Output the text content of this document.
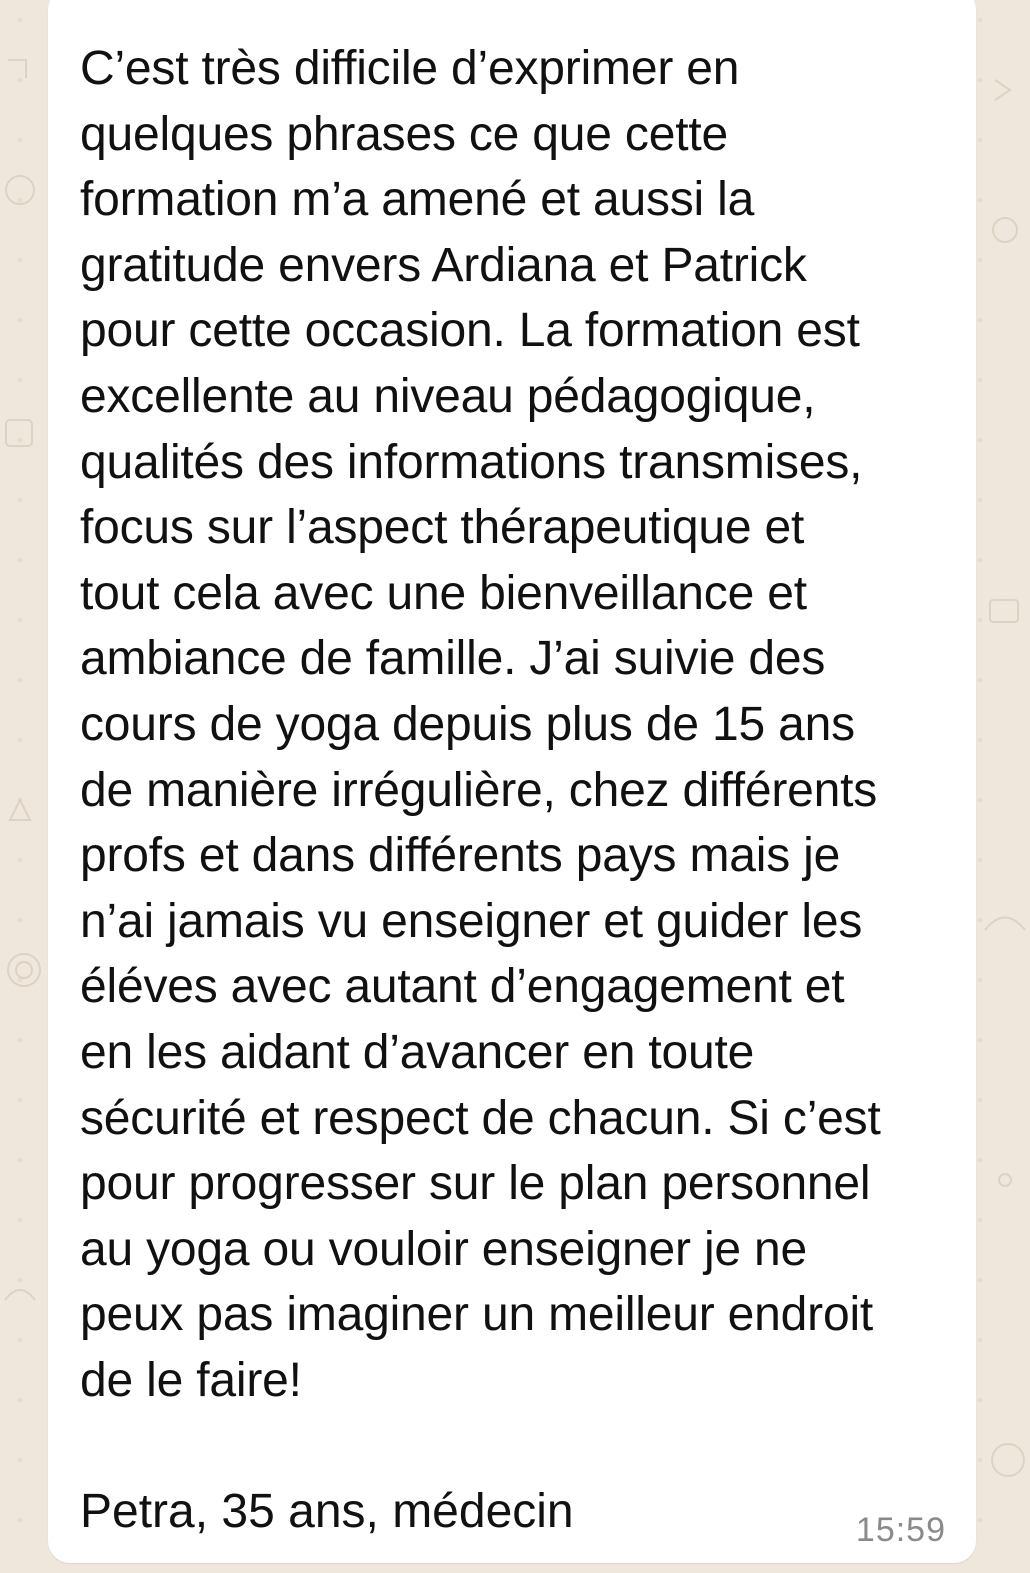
C’est très difficile d’exprimer en
quelques phrases ce que cette
formation m’a amené et aussi la
gratitude envers Ardiana et Patrick
pour cette occasion. La formation est
excellente au niveau pédagogique,
qualités des informations transmises,
focus sur l’aspect thérapeutique et
tout cela avec une bienveillance et
ambiance de famille. J’ai suivie des
cours de yoga depuis plus de 15 ans
de manière irrégulière, chez différents
profs et dans différents pays mais je
n’ai jamais vu enseigner et guider les
éléves avec autant d’engagement et
en les aidant d’avancer en toute
sécurité et respect de chacun. Si c’est
pour progresser sur le plan personnel
au yoga ou vouloir enseigner je ne
peux pas imaginer un meilleur endroit
de le faire!

Petra, 35 ans, médecin	15:59
